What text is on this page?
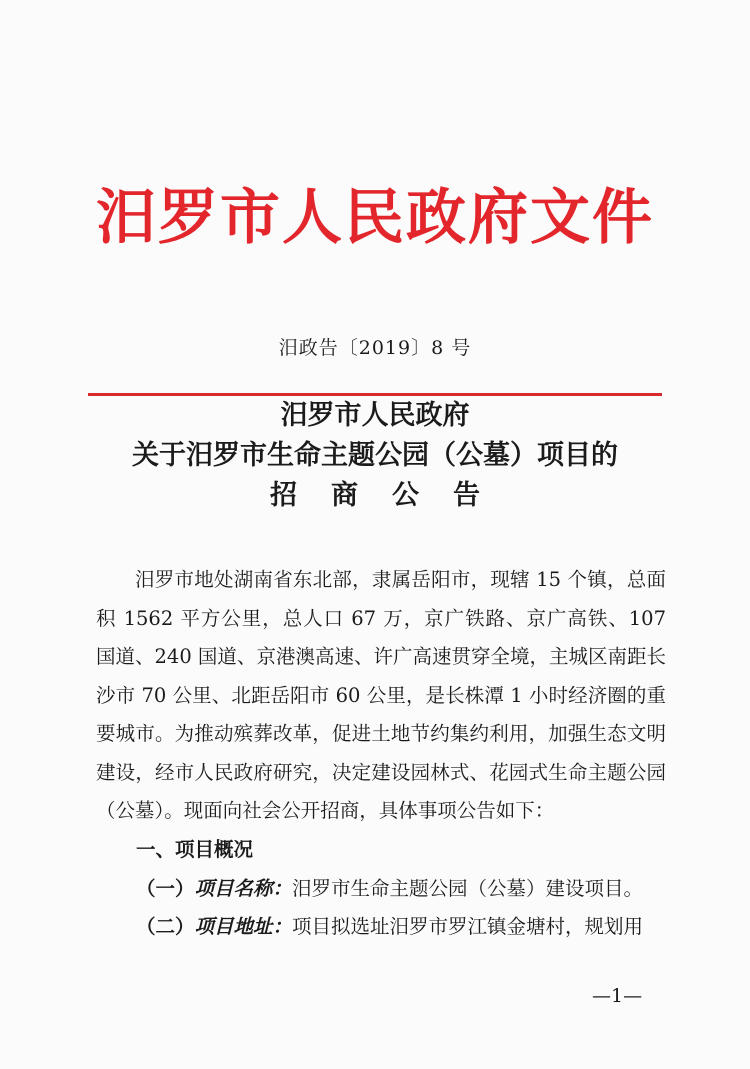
汨罗市人民政府文件
汨政告〔2019〕8 号
汨罗市人民政府
关于汨罗市生命主题公园（公墓）项目的
招商公告

汨罗市地处湖南省东北部，隶属岳阳市，现辖 15 个镇，总面积 1562 平方公里，总人口 67 万，京广铁路、京广高铁、107 国道、240 国道、京港澳高速、许广高速贯穿全境，主城区南距长沙市 70 公里、北距岳阳市 60 公里，是长株潭 1 小时经济圈的重要城市。为推动殡葬改革，促进土地节约集约利用，加强生态文明建设，经市人民政府研究，决定建设园林式、花园式生命主题公园（公墓）。现面向社会公开招商，具体事项公告如下：

一、项目概况
（一）项目名称：汨罗市生命主题公园（公墓）建设项目。
（二）项目地址：项目拟选址汨罗市罗江镇金塘村，规划用
—1—
